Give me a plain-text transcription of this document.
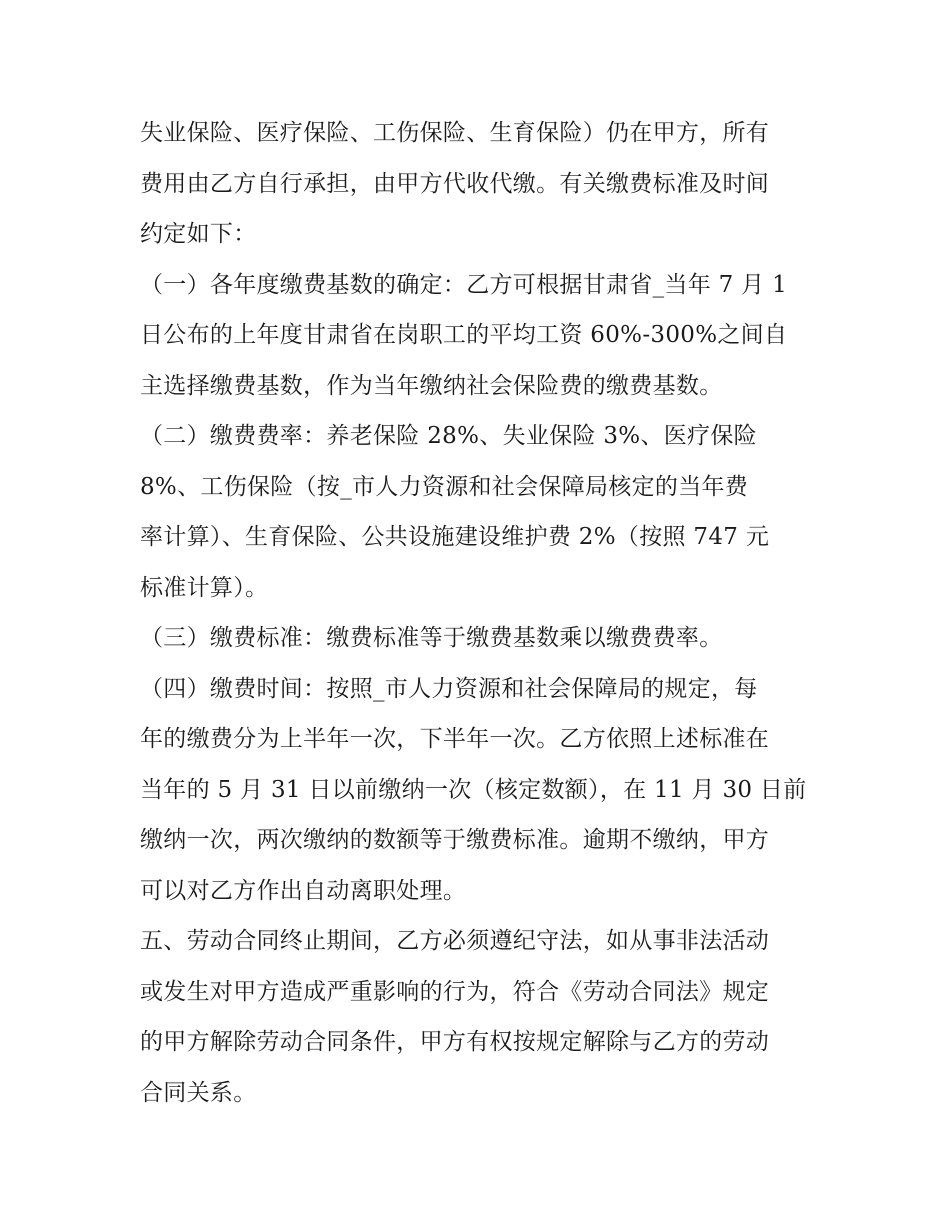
失业保险、医疗保险、工伤保险、生育保险）仍在甲方，所有
费用由乙方自行承担，由甲方代收代缴。有关缴费标准及时间
约定如下：
（一）各年度缴费基数的确定：乙方可根据甘肃省_当年 7 月 1
日公布的上年度甘肃省在岗职工的平均工资 60%-300%之间自
主选择缴费基数，作为当年缴纳社会保险费的缴费基数。
（二）缴费费率：养老保险 28%、失业保险 3%、医疗保险
8%、工伤保险（按_市人力资源和社会保障局核定的当年费
率计算）、生育保险、公共设施建设维护费 2%（按照 747 元
标准计算）。
（三）缴费标准：缴费标准等于缴费基数乘以缴费费率。
（四）缴费时间：按照_市人力资源和社会保障局的规定，每
年的缴费分为上半年一次，下半年一次。乙方依照上述标准在
当年的 5 月 31 日以前缴纳一次（核定数额），在 11 月 30 日前
缴纳一次，两次缴纳的数额等于缴费标准。逾期不缴纳，甲方
可以对乙方作出自动离职处理。
五、劳动合同终止期间，乙方必须遵纪守法，如从事非法活动
或发生对甲方造成严重影响的行为，符合《劳动合同法》规定
的甲方解除劳动合同条件，甲方有权按规定解除与乙方的劳动
合同关系。
